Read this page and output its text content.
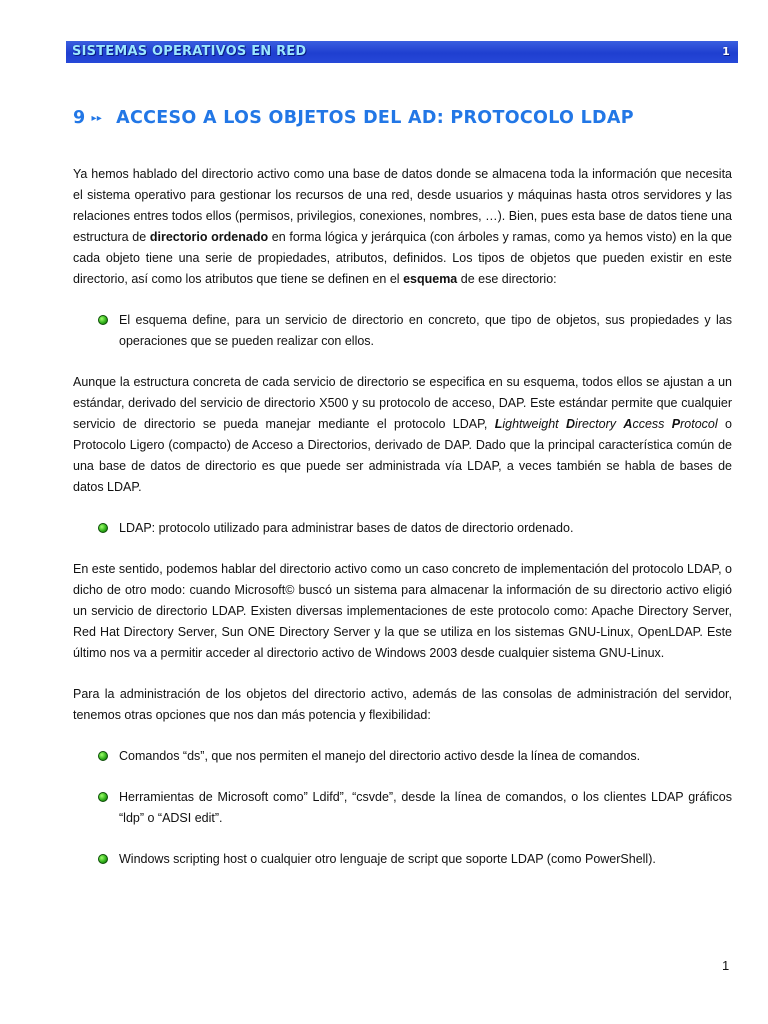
SISTEMAS OPERATIVOS EN RED	1
9 ▸▸ ACCESO A LOS OBJETOS DEL AD: PROTOCOLO LDAP

Ya hemos hablado del directorio activo como una base de datos donde se almacena toda la información que necesita el sistema operativo para gestionar los recursos de una red, desde usuarios y máquinas hasta otros servidores y las relaciones entres todos ellos (permisos, privilegios, conexiones, nombres, …). Bien, pues esta base de datos tiene una estructura de directorio ordenado en forma lógica y jerárquica (con árboles y ramas, como ya hemos visto) en la que cada objeto tiene una serie de propiedades, atributos, definidos. Los tipos de objetos que pueden existir en este directorio, así como los atributos que tiene se definen en el esquema de ese directorio:

El esquema define, para un servicio de directorio en concreto, que tipo de objetos, sus propiedades y las operaciones que se pueden realizar con ellos.

Aunque la estructura concreta de cada servicio de directorio se especifica en su esquema, todos ellos se ajustan a un estándar, derivado del servicio de directorio X500 y su protocolo de acceso, DAP. Este estándar permite que cualquier servicio de directorio se pueda manejar mediante el protocolo LDAP, Lightweight Directory Access Protocol o Protocolo Ligero (compacto) de Acceso a Directorios, derivado de DAP. Dado que la principal característica común de una base de datos de directorio es que puede ser administrada vía LDAP, a veces también se habla de bases de datos LDAP.

LDAP: protocolo utilizado para administrar bases de datos de directorio ordenado.

En este sentido, podemos hablar del directorio activo como un caso concreto de implementación del protocolo LDAP, o dicho de otro modo: cuando Microsoft© buscó un sistema para almacenar la información de su directorio activo eligió un servicio de directorio LDAP. Existen diversas implementaciones de este protocolo como: Apache Directory Server, Red Hat Directory Server, Sun ONE Directory Server y la que se utiliza en los sistemas GNU-Linux, OpenLDAP. Este último nos va a permitir acceder al directorio activo de Windows 2003 desde cualquier sistema GNU-Linux.

Para la administración de los objetos del directorio activo, además de las consolas de administración del servidor, tenemos otras opciones que nos dan más potencia y flexibilidad:

Comandos “ds”, que nos permiten el manejo del directorio activo desde la línea de comandos.
Herramientas de Microsoft como” Ldifd”, “csvde”, desde la línea de comandos, o los clientes LDAP gráficos “ldp” o “ADSI edit”.
Windows scripting host o cualquier otro lenguaje de script que soporte LDAP (como PowerShell).
1
